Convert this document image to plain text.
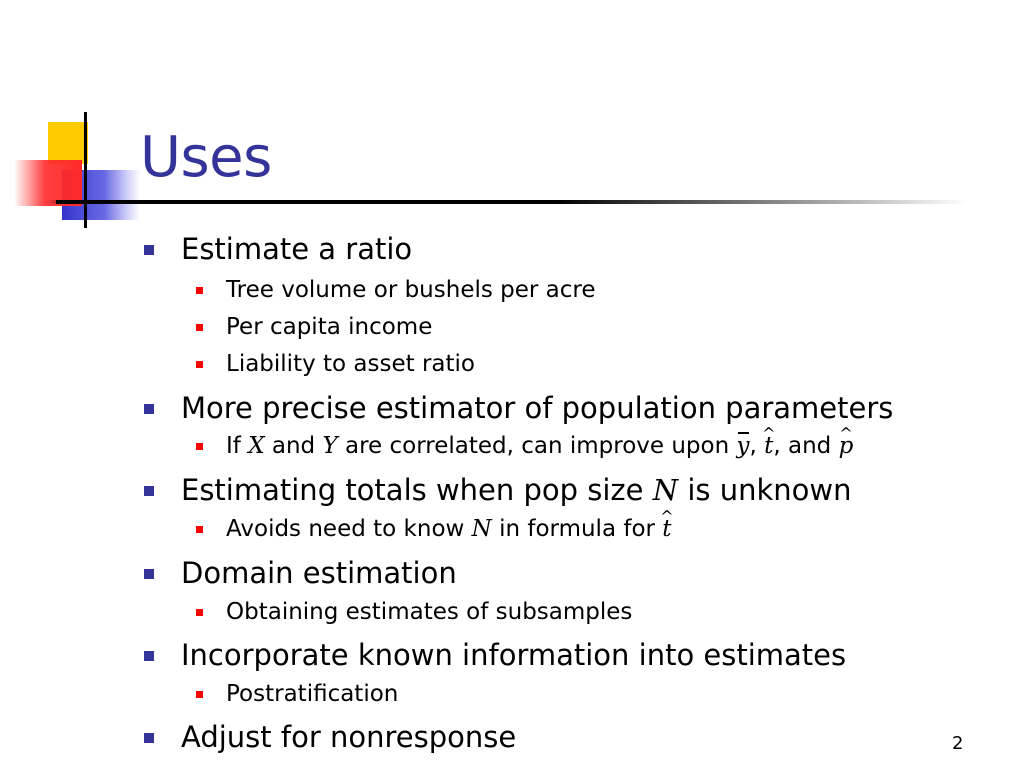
Uses
Estimate a ratio
Tree volume or bushels per acre
Per capita income
Liability to asset ratio
More precise estimator of population parameters
If X and Y are correlated, can improve upon y, ^ t, and ^ p
Estimating totals when pop size N is unknown
Avoids need to know N in formula for ^ t
Domain estimation
Obtaining estimates of subsamples
Incorporate known information into estimates
Postratification
Adjust for nonresponse	2
